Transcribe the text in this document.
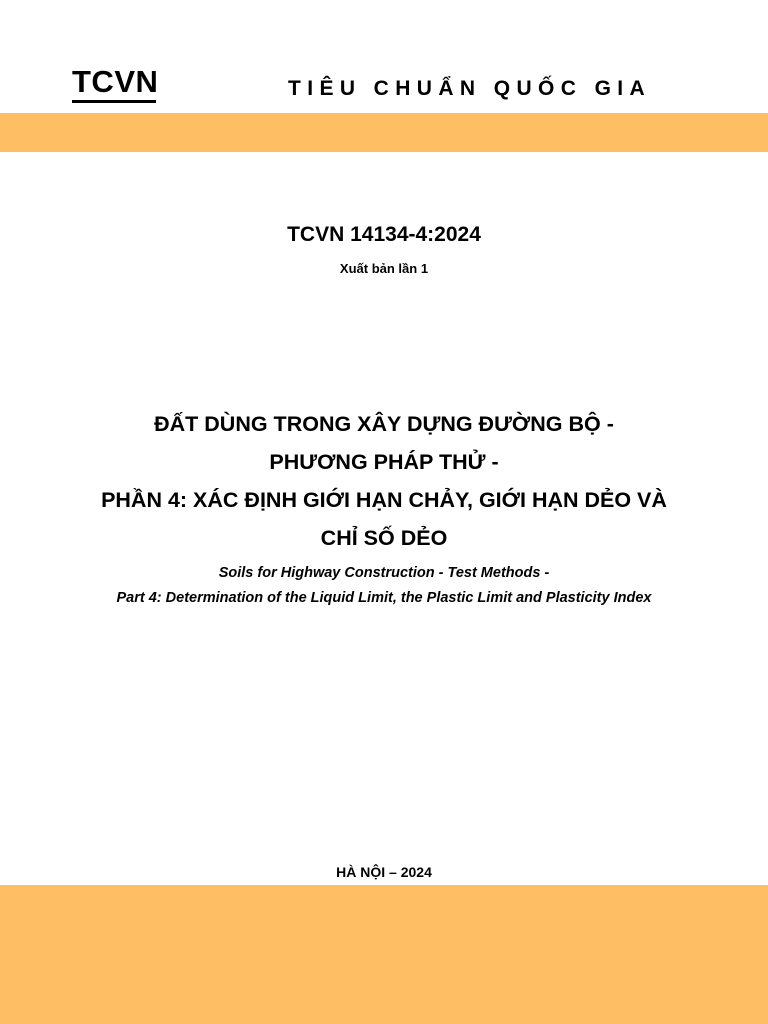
TCVN	TIÊU CHUẨN QUỐC GIA
TCVN 14134-4:2024
Xuất bản lần 1
ĐẤT DÙNG TRONG XÂY DỰNG ĐƯỜNG BỘ -
PHƯƠNG PHÁP THỬ -
PHẦN 4: XÁC ĐỊNH GIỚI HẠN CHẢY, GIỚI HẠN DẺO VÀ
CHỈ SỐ DẺO
Soils for Highway Construction - Test Methods -
Part 4: Determination of the Liquid Limit, the Plastic Limit and Plasticity Index
HÀ NỘI – 2024
